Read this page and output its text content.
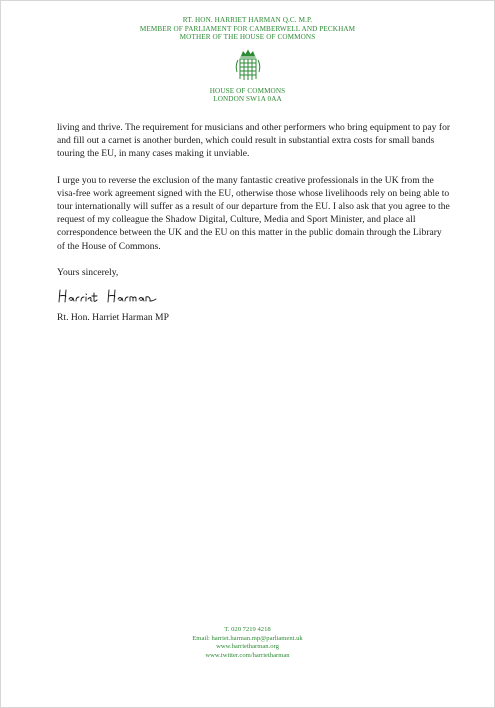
RT. HON. HARRIET HARMAN Q.C. M.P.
MEMBER OF PARLIAMENT FOR CAMBERWELL AND PECKHAM
MOTHER OF THE HOUSE OF COMMONS
HOUSE OF COMMONS
LONDON SW1A 0AA

living and thrive. The requirement for musicians and other performers who bring equipment to pay for and fill out a carnet is another burden, which could result in substantial extra costs for small bands touring the EU, in many cases making it unviable.

I urge you to reverse the exclusion of the many fantastic creative professionals in the UK from the visa-free work agreement signed with the EU, otherwise those whose livelihoods rely on being able to tour internationally will suffer as a result of our departure from the EU. I also ask that you agree to the request of my colleague the Shadow Digital, Culture, Media and Sport Minister, and place all correspondence between the UK and the EU on this matter in the public domain through the Library of the House of Commons.

Yours sincerely,

Rt. Hon. Harriet Harman MP

T. 020 7219 4218
Email: harriet.harman.mp@parliament.uk
www.harrietharman.org
www.twitter.com/harrietharman
